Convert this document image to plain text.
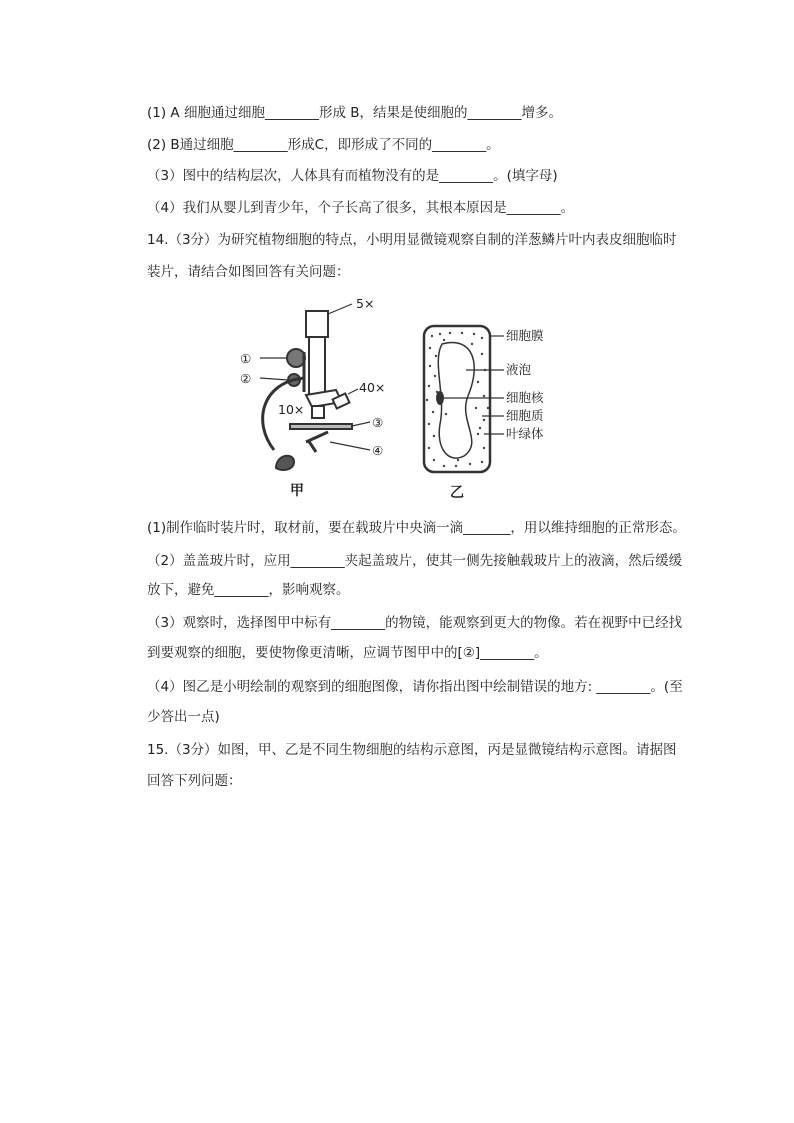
(1) A 细胞通过细胞________形成 B，结果是使细胞的________增多。
(2) B通过细胞________形成C，即形成了不同的________。
（3）图中的结构层次，人体具有而植物没有的是________。(填字母)
（4）我们从婴儿到青少年，个子长高了很多，其根本原因是________。
14.（3分）为研究植物细胞的特点，小明用显微镜观察自制的洋葱鳞片叶内表皮细胞临时
装片，请结合如图回答有关问题：
5×
40×
10×
①
②
③
④
甲
细胞膜
液泡
细胞核
细胞质
叶绿体
乙
(1)制作临时装片时，取材前，要在载玻片中央滴一滴_______，用以维持细胞的正常形态。
（2）盖盖玻片时，应用________夹起盖玻片，使其一侧先接触载玻片上的液滴，然后缓缓
放下，避免________，影响观察。
（3）观察时，选择图甲中标有________的物镜，能观察到更大的物像。若在视野中已经找
到要观察的细胞，要使物像更清晰，应调节图甲中的[②]________。
（4）图乙是小明绘制的观察到的细胞图像，请你指出图中绘制错误的地方: ________。(至
少答出一点)
15.（3分）如图，甲、乙是不同生物细胞的结构示意图，丙是显微镜结构示意图。请据图
回答下列问题：
